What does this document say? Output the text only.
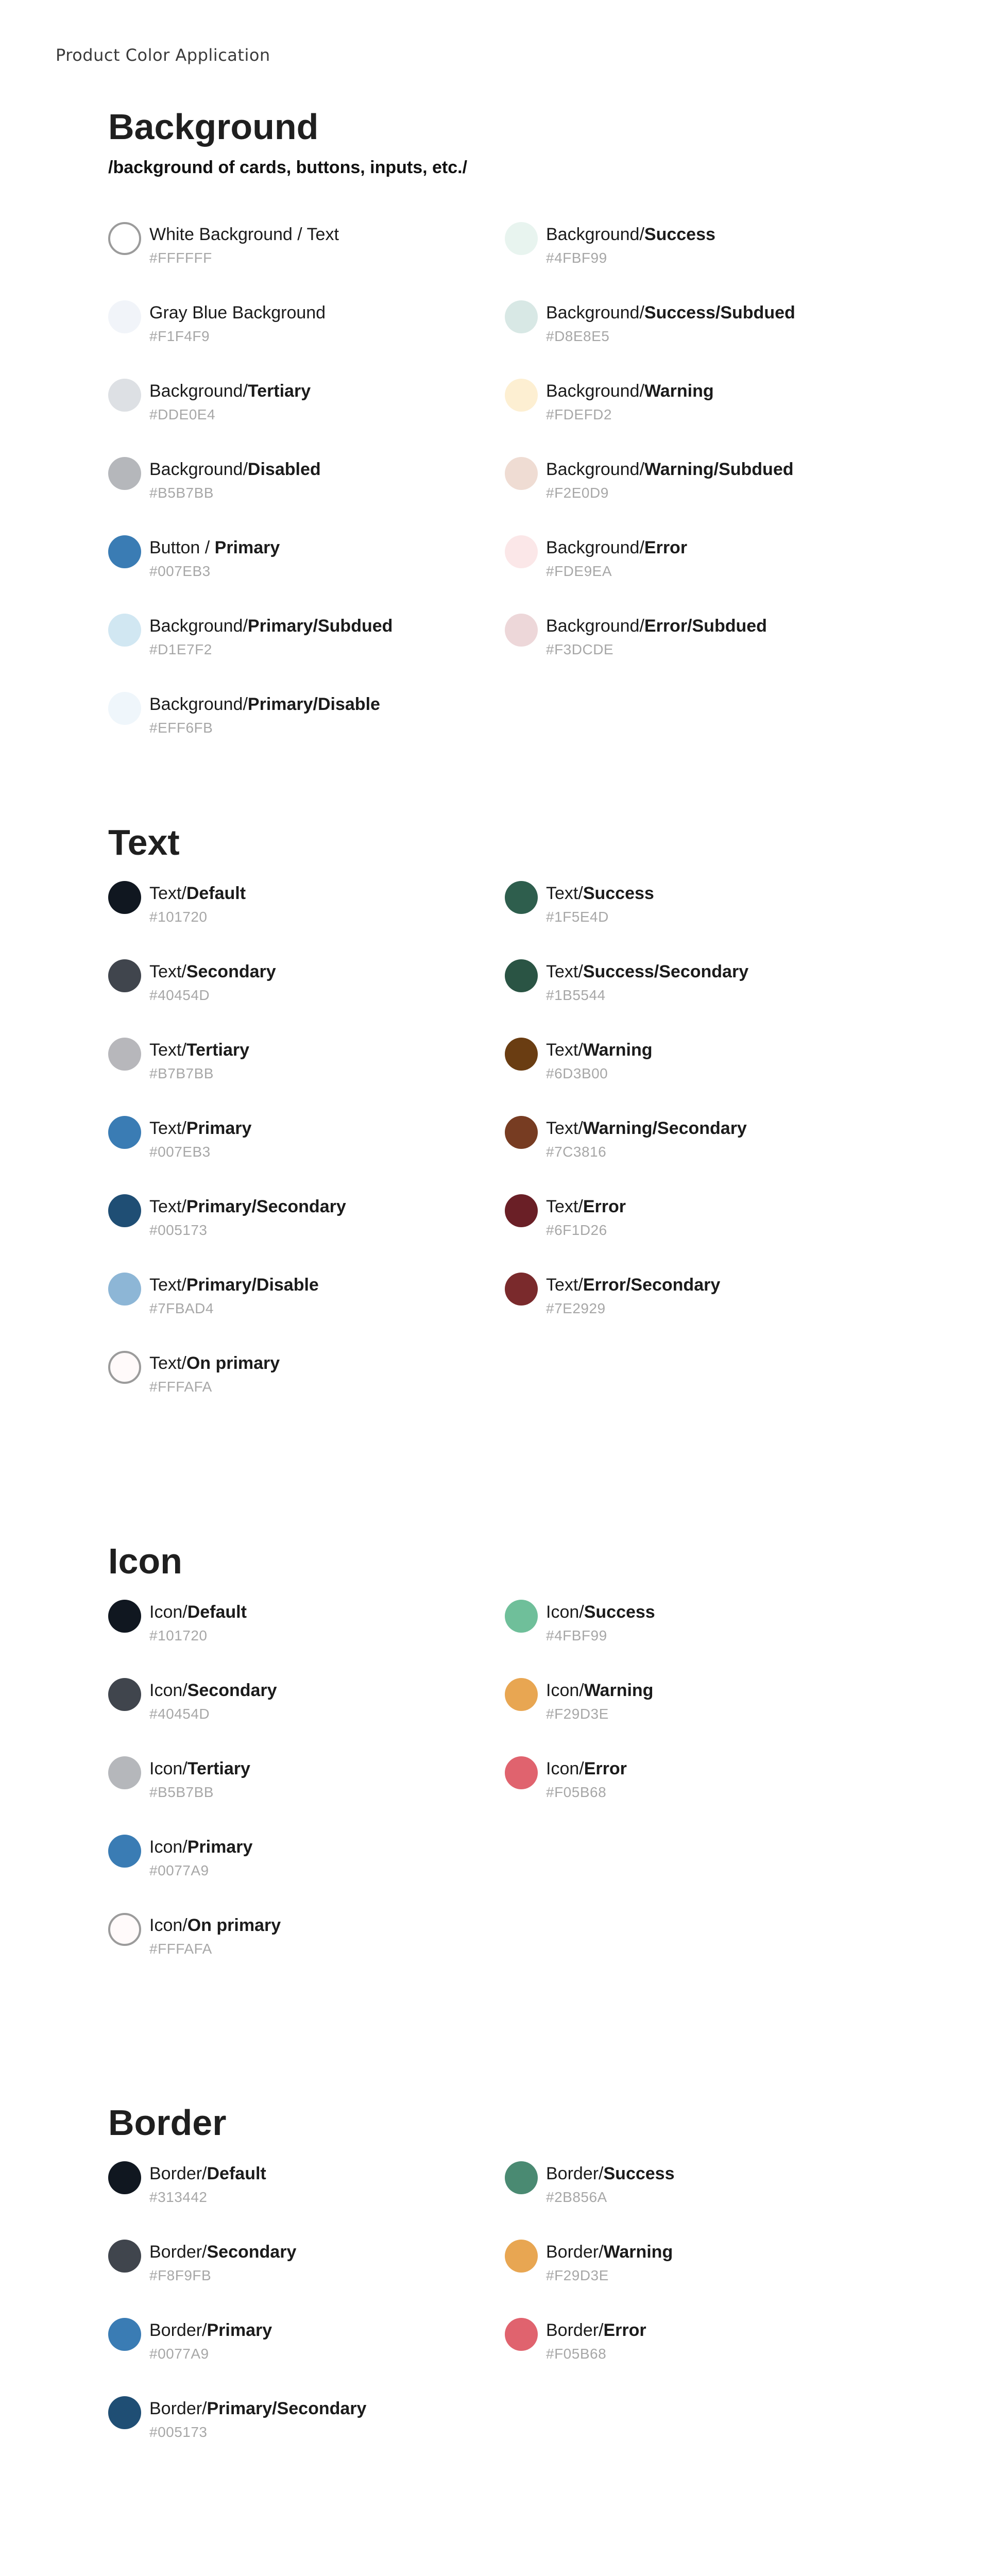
Product Color Application
Background
/background of cards, buttons, inputs, etc./
White Background / Text
#FFFFFF
Gray Blue Background
#F1F4F9
Background/Tertiary
#DDE0E4
Background/Disabled
#B5B7BB
Button / Primary
#007EB3
Background/Primary/Subdued
#D1E7F2
Background/Primary/Disable
#EFF6FB
Background/Success
#4FBF99
Background/Success/Subdued
#D8E8E5
Background/Warning
#FDEFD2
Background/Warning/Subdued
#F2E0D9
Background/Error
#FDE9EA
Background/Error/Subdued
#F3DCDE
Text
Text/Default
#101720
Text/Secondary
#40454D
Text/Tertiary
#B7B7BB
Text/Primary
#007EB3
Text/Primary/Secondary
#005173
Text/Primary/Disable
#7FBAD4
Text/On primary
#FFFAFA
Text/Success
#1F5E4D
Text/Success/Secondary
#1B5544
Text/Warning
#6D3B00
Text/Warning/Secondary
#7C3816
Text/Error
#6F1D26
Text/Error/Secondary
#7E2929
Icon
Icon/Default
#101720
Icon/Secondary
#40454D
Icon/Tertiary
#B5B7BB
Icon/Primary
#0077A9
Icon/On primary
#FFFAFA
Icon/Success
#4FBF99
Icon/Warning
#F29D3E
Icon/Error
#F05B68
Border
Border/Default
#313442
Border/Secondary
#F8F9FB
Border/Primary
#0077A9
Border/Primary/Secondary
#005173
Border/Success
#2B856A
Border/Warning
#F29D3E
Border/Error
#F05B68
